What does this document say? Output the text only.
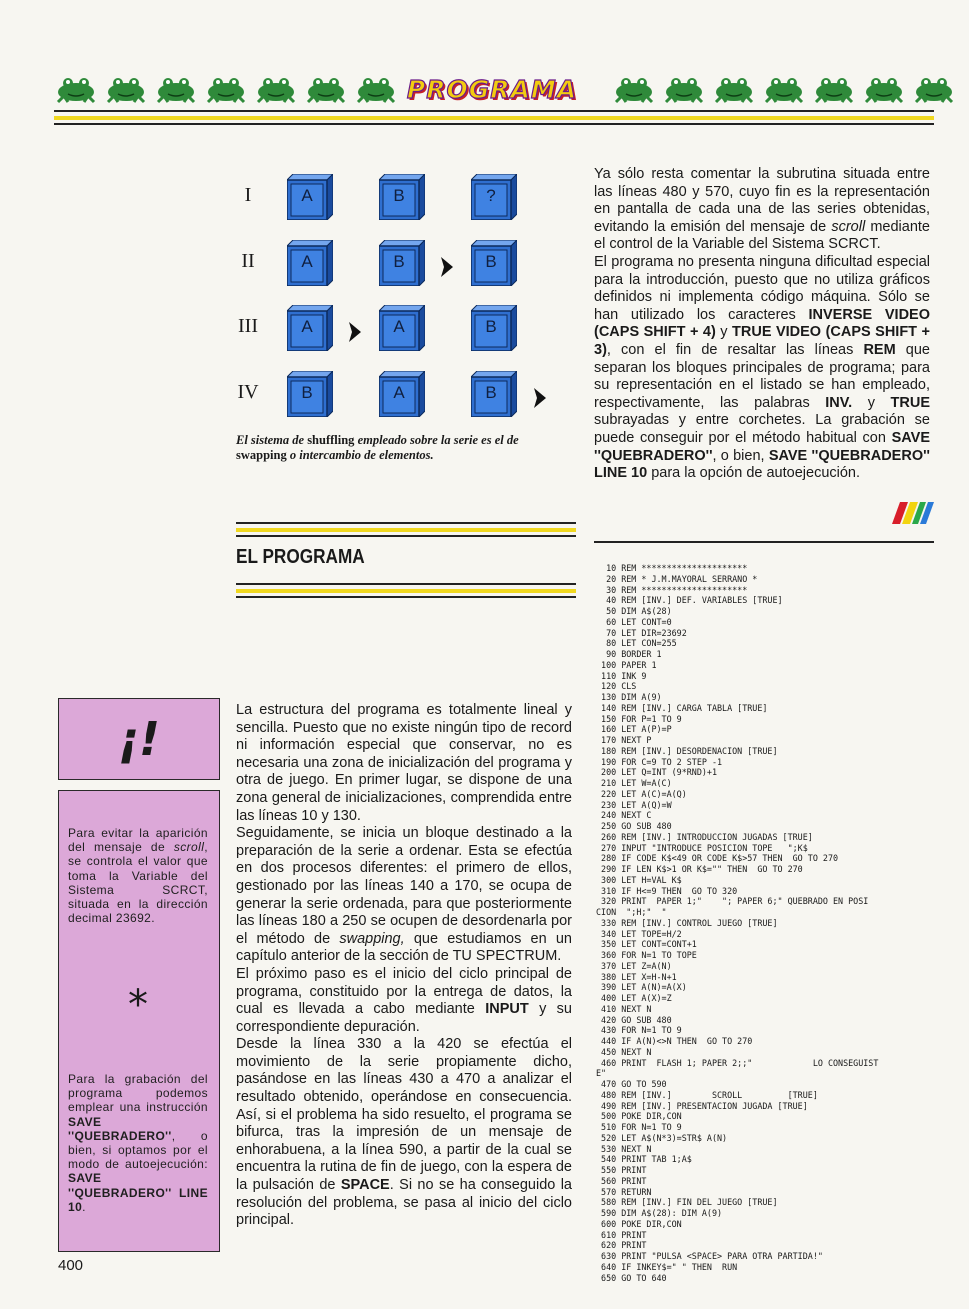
PROGRAMA
I	A	B	?
II	A	B	B
III	A	A	B
IV	B	A	B
El sistema de shuffling empleado sobre la serie es el de swapping o intercambio de elementos.

Ya sólo resta comentar la subrutina situada entre las líneas 480 y 570, cuyo fin es la representación en pantalla de cada una de las series obtenidas, evitando la emisión del mensaje de scroll mediante el control de la Variable del Sistema SCRCT.

El programa no presenta ninguna dificultad especial para la introducción, puesto que no utiliza gráficos definidos ni implementa código máquina. Sólo se han utilizado los caracteres INVERSE VIDEO (CAPS SHIFT + 4) y TRUE VIDEO (CAPS SHIFT + 3), con el fin de resaltar las líneas REM que separan los bloques principales de programa; para su representación en el listado se han empleado, respectivamente, las palabras INV. y TRUE subrayadas y entre corchetes. La grabación se puede conseguir por el método habitual con SAVE ''QUEBRADERO'', o bien, SAVE ''QUEBRADERO'' LINE 10 para la opción de autoejecución.

EL PROGRAMA

La estructura del programa es totalmente lineal y sencilla. Puesto que no existe ningún tipo de record ni información especial que conservar, no es necesaria una zona de inicialización del programa y otra de juego. En primer lugar, se dispone de una zona general de inicializaciones, comprendida entre las líneas 10 y 130.

Seguidamente, se inicia un bloque destinado a la preparación de la serie a ordenar. Esta se efectúa en dos procesos diferentes: el primero de ellos, gestionado por las líneas 140 a 170, se ocupa de generar la serie ordenada, para que posteriormente las líneas 180 a 250 se ocupen de desordenarla por el método de swapping, que estudiamos en un capítulo anterior de la sección de TU SPECTRUM.

El próximo paso es el inicio del ciclo principal de programa, constituido por la entrega de datos, la cual es llevada a cabo mediante INPUT y su correspondiente depuración.

Desde la línea 330 a la 420 se efectúa el movimiento de la serie propiamente dicho, pasándose en las líneas 430 a 470 a analizar el resultado obtenido, operándose en consecuencia. Así, si el problema ha sido resuelto, el programa se bifurca, tras la impresión de un mensaje de enhorabuena, a la línea 590, a partir de la cual se encuentra la rutina de fin de juego, con la espera de la pulsación de SPACE. Si no se ha conseguido la resolución del problema, se pasa al inicio del ciclo principal.

¡!
Para evitar la aparición del mensaje de scroll, se controla el valor que toma la Variable del Sistema SCRCT, situada en la dirección decimal 23692.
*
Para la grabación del programa podemos emplear una instrucción SAVE ''QUEBRADERO'', o bien, si optamos por el modo de autoejecución: SAVE ''QUEBRADERO'' LINE 10.
10 REM *********************
20 REM * J.M.MAYORAL SERRANO *
30 REM *********************
40 REM [INV.] DEF. VARIABLES [TRUE]
50 DIM A$(28)
60 LET CONT=0
70 LET DIR=23692
80 LET CON=255
90 BORDER 1
100 PAPER 1
110 INK 9
120 CLS
130 DIM A(9)
140 REM [INV.] CARGA TABLA [TRUE]
150 FOR P=1 TO 9
160 LET A(P)=P
170 NEXT P
180 REM [INV.] DESORDENACION [TRUE]
190 FOR C=9 TO 2 STEP -1
200 LET Q=INT (9*RND)+1
210 LET W=A(C)
220 LET A(C)=A(Q)
230 LET A(Q)=W
240 NEXT C
250 GO SUB 480
260 REM [INV.] INTRODUCCION JUGADAS [TRUE]
270 INPUT "INTRODUCE POSICION TOPE   ";K$
280 IF CODE K$<49 OR CODE K$>57 THEN  GO TO 270
290 IF LEN K$>1 OR K$="" THEN  GO TO 270
300 LET H=VAL K$
310 IF H<=9 THEN  GO TO 320
320 PRINT  PAPER 1;"    "; PAPER 6;" QUEBRADO EN POSI
CION  ";H;"  "
330 REM [INV.] CONTROL JUEGO [TRUE]
340 LET TOPE=H/2
350 LET CONT=CONT+1
360 FOR N=1 TO TOPE
370 LET Z=A(N)
380 LET X=H-N+1
390 LET A(N)=A(X)
400 LET A(X)=Z
410 NEXT N
420 GO SUB 480
430 FOR N=1 TO 9
440 IF A(N)<>N THEN  GO TO 270
450 NEXT N
460 PRINT  FLASH 1; PAPER 2;;"            LO CONSEGUIST
E"
470 GO TO 590
480 REM [INV.]        SCROLL         [TRUE]
490 REM [INV.] PRESENTACION JUGADA [TRUE]
500 POKE DIR,CON
510 FOR N=1 TO 9
520 LET A$(N*3)=STR$ A(N)
530 NEXT N
540 PRINT TAB 1;A$
550 PRINT
560 PRINT
570 RETURN
580 REM [INV.] FIN DEL JUEGO [TRUE]
590 DIM A$(28): DIM A(9)
600 POKE DIR,CON
610 PRINT
620 PRINT
630 PRINT "PULSA <SPACE> PARA OTRA PARTIDA!"
640 IF INKEY$=" " THEN  RUN
650 GO TO 640
400
